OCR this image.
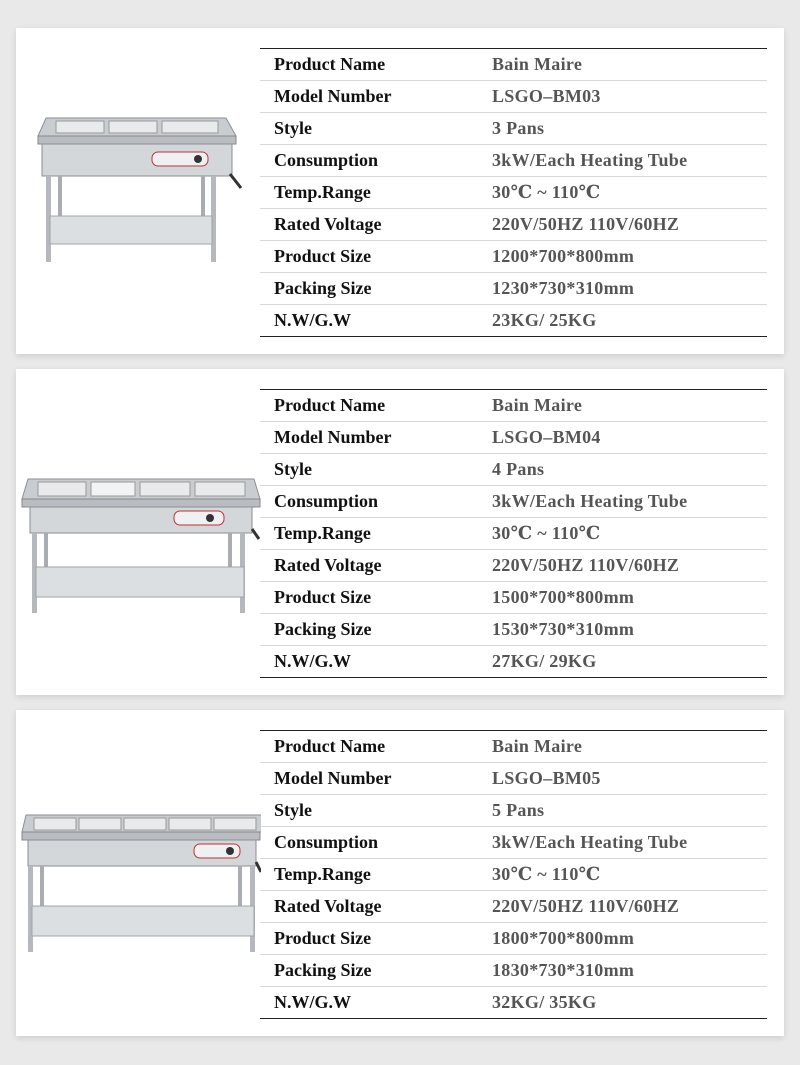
Product Name	Bain Maire
Model Number	LSGO–BM03
Style	3 Pans
Consumption	3kW/Each Heating Tube
Temp.Range	30℃ ~ 110℃
Rated Voltage	220V/50HZ 110V/60HZ
Product Size	1200*700*800mm
Packing Size	1230*730*310mm
N.W/G.W	23KG/ 25KG
Product Name	Bain Maire
Model Number	LSGO–BM04
Style	4 Pans
Consumption	3kW/Each Heating Tube
Temp.Range	30℃ ~ 110℃
Rated Voltage	220V/50HZ 110V/60HZ
Product Size	1500*700*800mm
Packing Size	1530*730*310mm
N.W/G.W	27KG/ 29KG
Product Name	Bain Maire
Model Number	LSGO–BM05
Style	5 Pans
Consumption	3kW/Each Heating Tube
Temp.Range	30℃ ~ 110℃
Rated Voltage	220V/50HZ 110V/60HZ
Product Size	1800*700*800mm
Packing Size	1830*730*310mm
N.W/G.W	32KG/ 35KG
